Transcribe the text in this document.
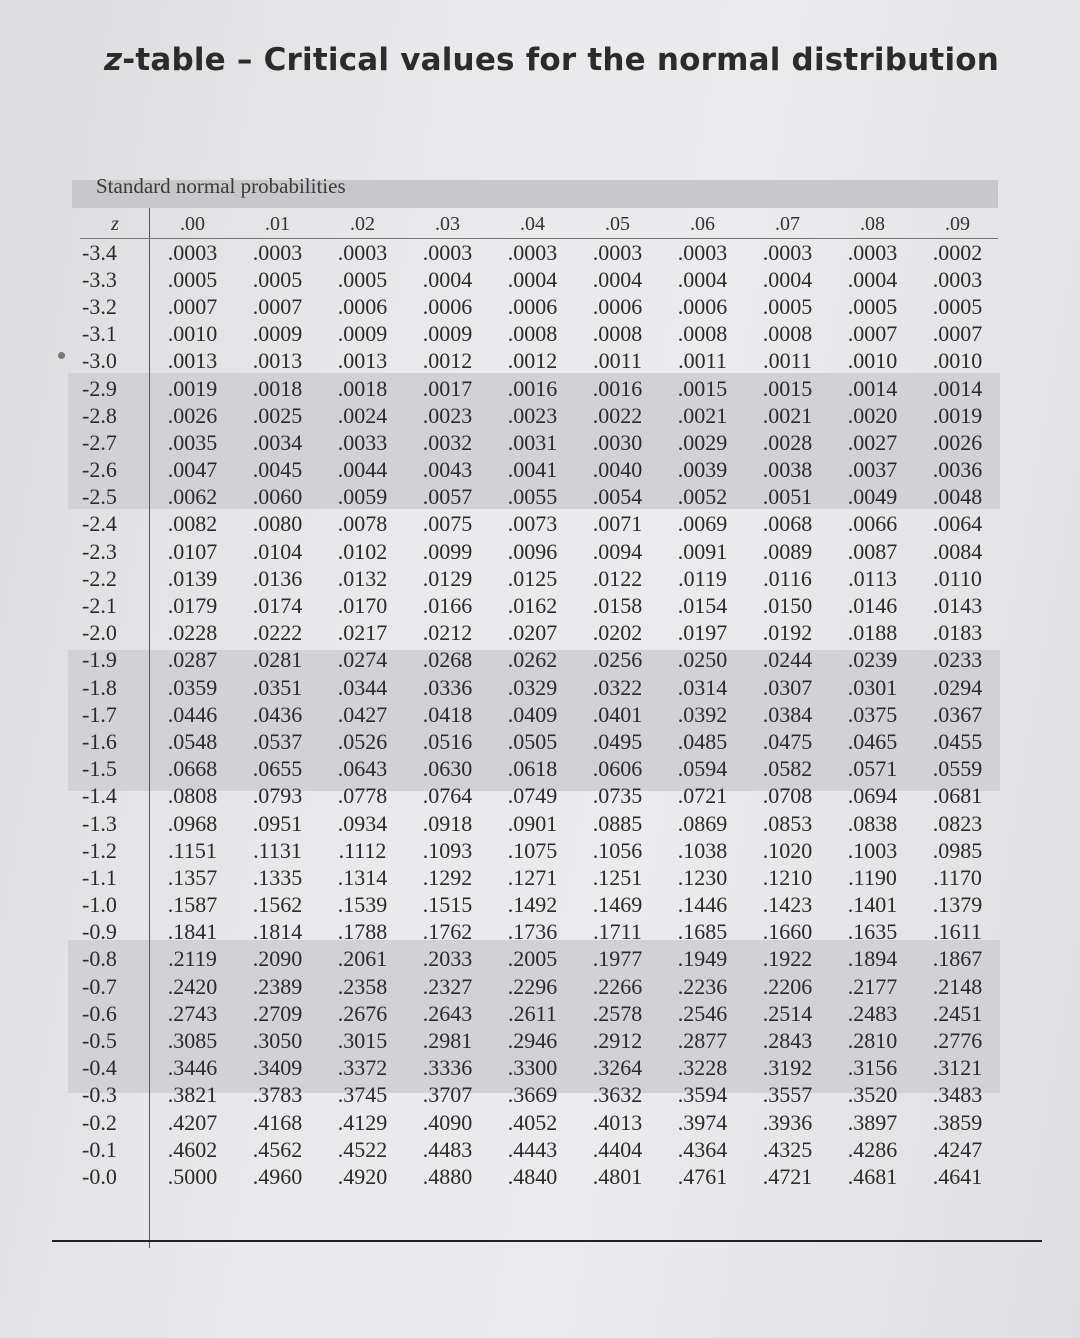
z-table – Critical values for the normal distribution
Standard normal probabilities
z	.00	.01	.02	.03	.04	.05	.06	.07	.08	.09
-3.4	.0003	.0003	.0003	.0003	.0003	.0003	.0003	.0003	.0003	.0002
-3.3	.0005	.0005	.0005	.0004	.0004	.0004	.0004	.0004	.0004	.0003
-3.2	.0007	.0007	.0006	.0006	.0006	.0006	.0006	.0005	.0005	.0005
-3.1	.0010	.0009	.0009	.0009	.0008	.0008	.0008	.0008	.0007	.0007
-3.0	.0013	.0013	.0013	.0012	.0012	.0011	.0011	.0011	.0010	.0010
-2.9	.0019	.0018	.0018	.0017	.0016	.0016	.0015	.0015	.0014	.0014
-2.8	.0026	.0025	.0024	.0023	.0023	.0022	.0021	.0021	.0020	.0019
-2.7	.0035	.0034	.0033	.0032	.0031	.0030	.0029	.0028	.0027	.0026
-2.6	.0047	.0045	.0044	.0043	.0041	.0040	.0039	.0038	.0037	.0036
-2.5	.0062	.0060	.0059	.0057	.0055	.0054	.0052	.0051	.0049	.0048
-2.4	.0082	.0080	.0078	.0075	.0073	.0071	.0069	.0068	.0066	.0064
-2.3	.0107	.0104	.0102	.0099	.0096	.0094	.0091	.0089	.0087	.0084
-2.2	.0139	.0136	.0132	.0129	.0125	.0122	.0119	.0116	.0113	.0110
-2.1	.0179	.0174	.0170	.0166	.0162	.0158	.0154	.0150	.0146	.0143
-2.0	.0228	.0222	.0217	.0212	.0207	.0202	.0197	.0192	.0188	.0183
-1.9	.0287	.0281	.0274	.0268	.0262	.0256	.0250	.0244	.0239	.0233
-1.8	.0359	.0351	.0344	.0336	.0329	.0322	.0314	.0307	.0301	.0294
-1.7	.0446	.0436	.0427	.0418	.0409	.0401	.0392	.0384	.0375	.0367
-1.6	.0548	.0537	.0526	.0516	.0505	.0495	.0485	.0475	.0465	.0455
-1.5	.0668	.0655	.0643	.0630	.0618	.0606	.0594	.0582	.0571	.0559
-1.4	.0808	.0793	.0778	.0764	.0749	.0735	.0721	.0708	.0694	.0681
-1.3	.0968	.0951	.0934	.0918	.0901	.0885	.0869	.0853	.0838	.0823
-1.2	.1151	.1131	.1112	.1093	.1075	.1056	.1038	.1020	.1003	.0985
-1.1	.1357	.1335	.1314	.1292	.1271	.1251	.1230	.1210	.1190	.1170
-1.0	.1587	.1562	.1539	.1515	.1492	.1469	.1446	.1423	.1401	.1379
-0.9	.1841	.1814	.1788	.1762	.1736	.1711	.1685	.1660	.1635	.1611
-0.8	.2119	.2090	.2061	.2033	.2005	.1977	.1949	.1922	.1894	.1867
-0.7	.2420	.2389	.2358	.2327	.2296	.2266	.2236	.2206	.2177	.2148
-0.6	.2743	.2709	.2676	.2643	.2611	.2578	.2546	.2514	.2483	.2451
-0.5	.3085	.3050	.3015	.2981	.2946	.2912	.2877	.2843	.2810	.2776
-0.4	.3446	.3409	.3372	.3336	.3300	.3264	.3228	.3192	.3156	.3121
-0.3	.3821	.3783	.3745	.3707	.3669	.3632	.3594	.3557	.3520	.3483
-0.2	.4207	.4168	.4129	.4090	.4052	.4013	.3974	.3936	.3897	.3859
-0.1	.4602	.4562	.4522	.4483	.4443	.4404	.4364	.4325	.4286	.4247
-0.0	.5000	.4960	.4920	.4880	.4840	.4801	.4761	.4721	.4681	.4641
